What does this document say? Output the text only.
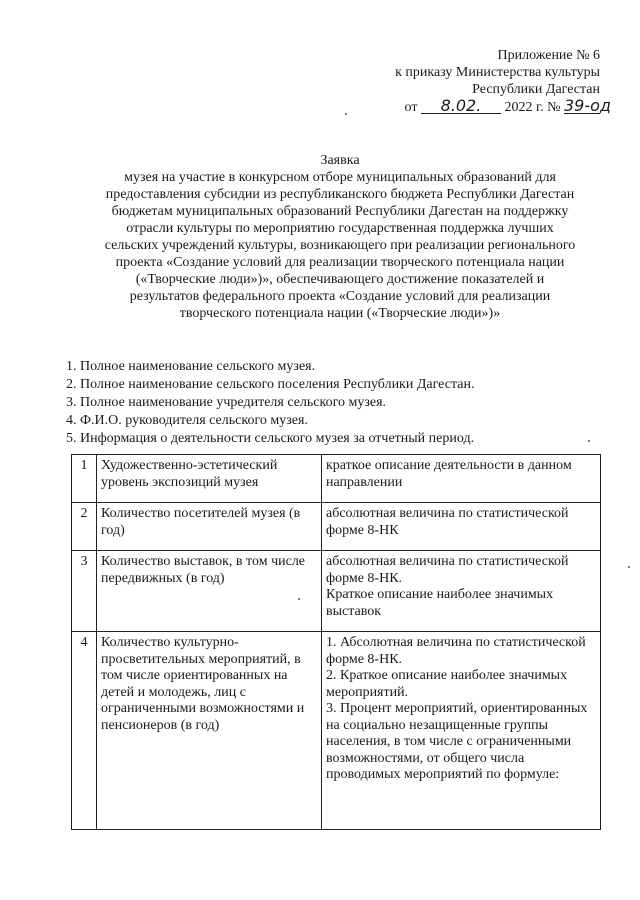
Приложение № 6
к приказу Министерства культуры
Республики Дагестан
от 8.02. 2022 г. № 39-од
Заявка
музея на участие в конкурсном отборе муниципальных образований для предоставления субсидии из республиканского бюджета Республики Дагестан бюджетам муниципальных образований Республики Дагестан на поддержку отрасли культуры по мероприятию государственная поддержка лучших сельских учреждений культуры, возникающего при реализации регионального проекта «Создание условий для реализации творческого потенциала нации («Творческие люди»)», обеспечивающего достижение показателей и результатов федерального проекта «Создание условий для реализации творческого потенциала нации («Творческие люди»)»
1. Полное наименование сельского музея.
2. Полное наименование сельского поселения Республики Дагестан.
3. Полное наименование учредителя сельского музея.
4. Ф.И.О. руководителя сельского музея.
5. Информация о деятельности сельского музея за отчетный период.
1	Художественно-эстетический уровень экспозиций музея	краткое описание деятельности в данном направлении

2	Количество посетителей музея (в год)	абсолютная величина по статистической форме 8-НК

3	Количество выставок, в том числе передвижных (в год)	абсолютная величина по статистической форме 8-НК.
Краткое описание наиболее значимых выставок

4	Количество культурно-просветительных мероприятий, в том числе ориентированных на детей и молодежь, лиц с ограниченными возможностями и пенсионеров (в год)	1. Абсолютная величина по статистической форме 8-НК.
2. Краткое описание наиболее значимых мероприятий.
3. Процент мероприятий, ориентированных на социально незащищенные группы населения, в том числе с ограниченными возможностями, от общего числа проводимых мероприятий по формуле:
